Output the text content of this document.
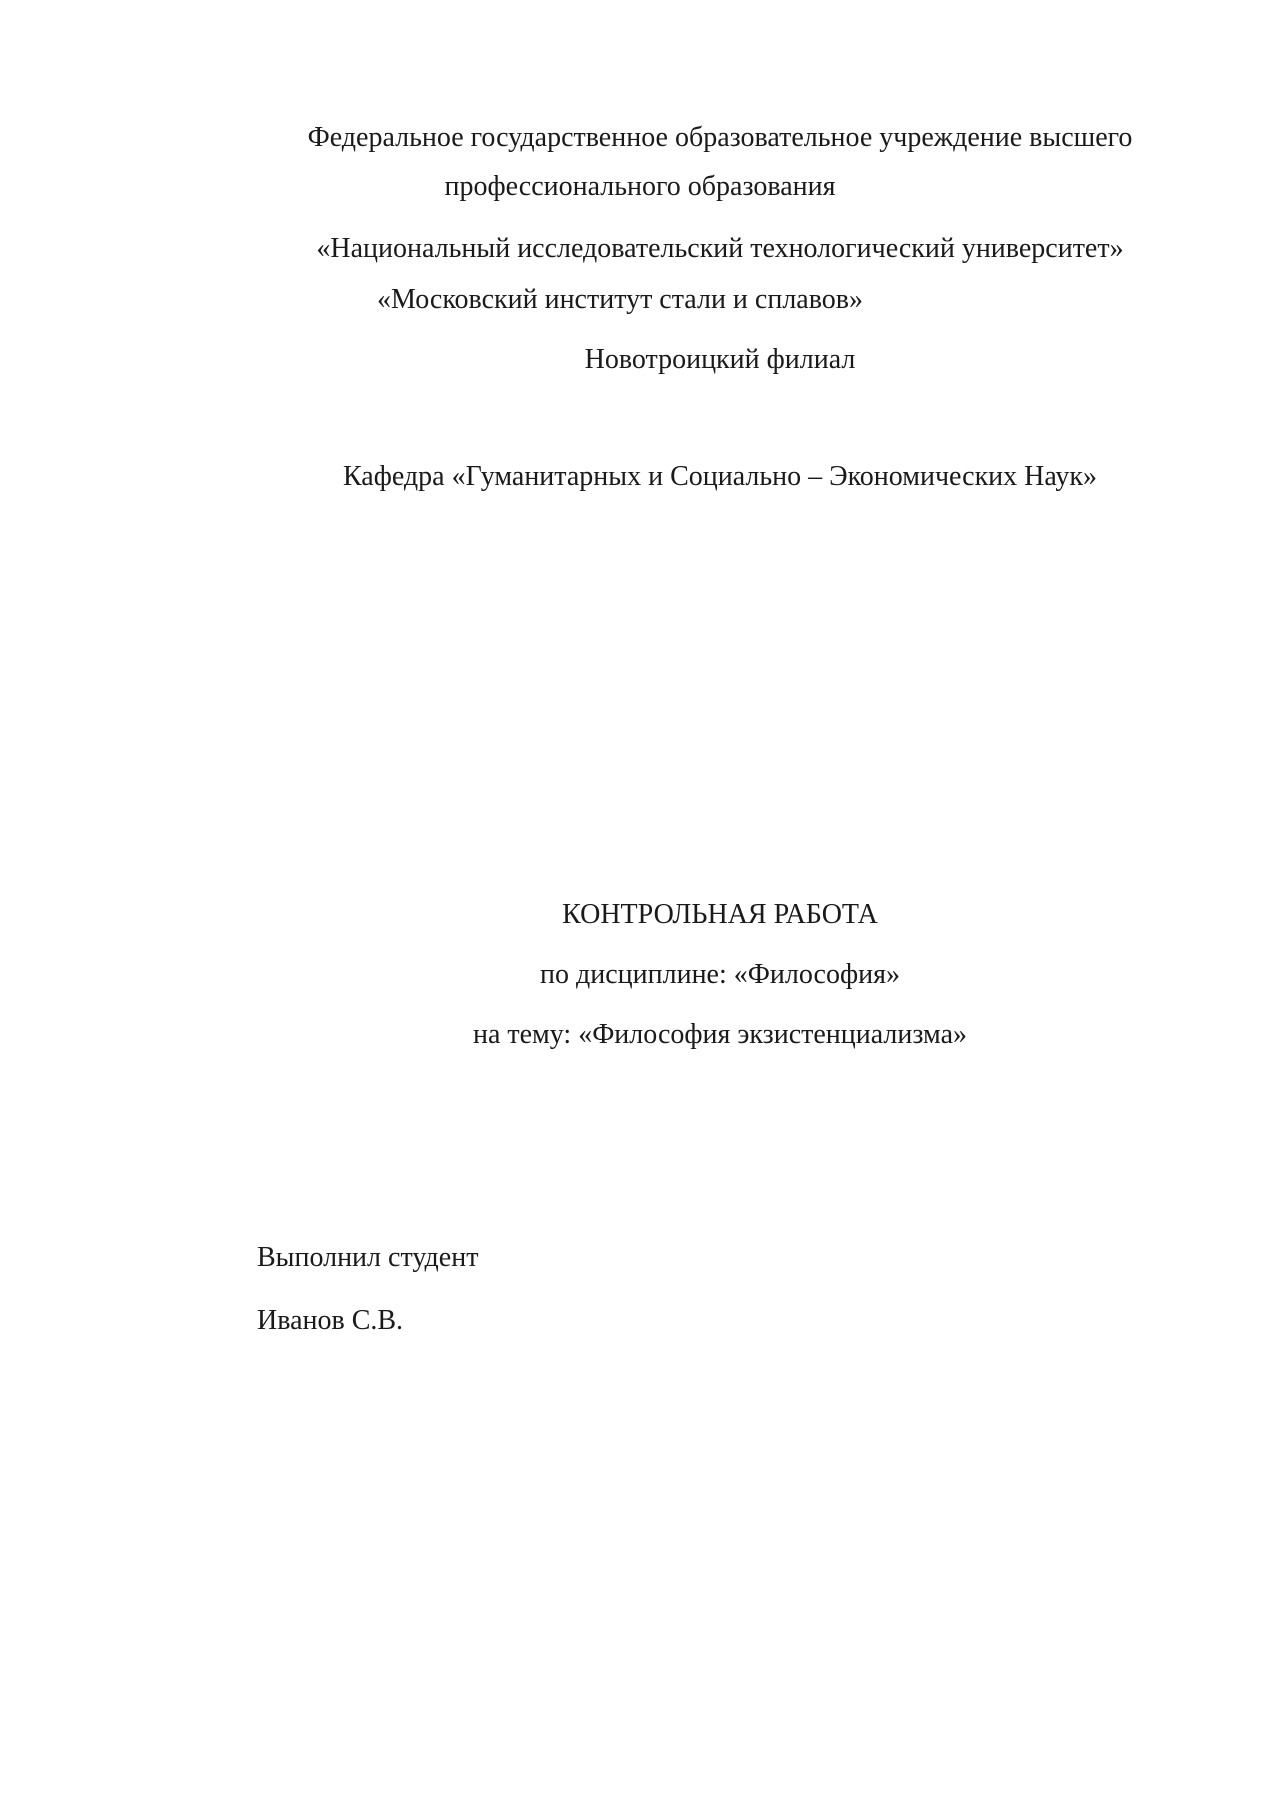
Федеральное государственное образовательное учреждение высшего
профессионального образования
«Национальный исследовательский технологический университет»
«Московский институт стали и сплавов»
Новотроицкий филиал
Кафедра «Гуманитарных и Социально – Экономических Наук»
КОНТРОЛЬНАЯ РАБОТА
по дисциплине: «Философия»
на тему: «Философия экзистенциализма»
Выполнил студент
Иванов С.В.
